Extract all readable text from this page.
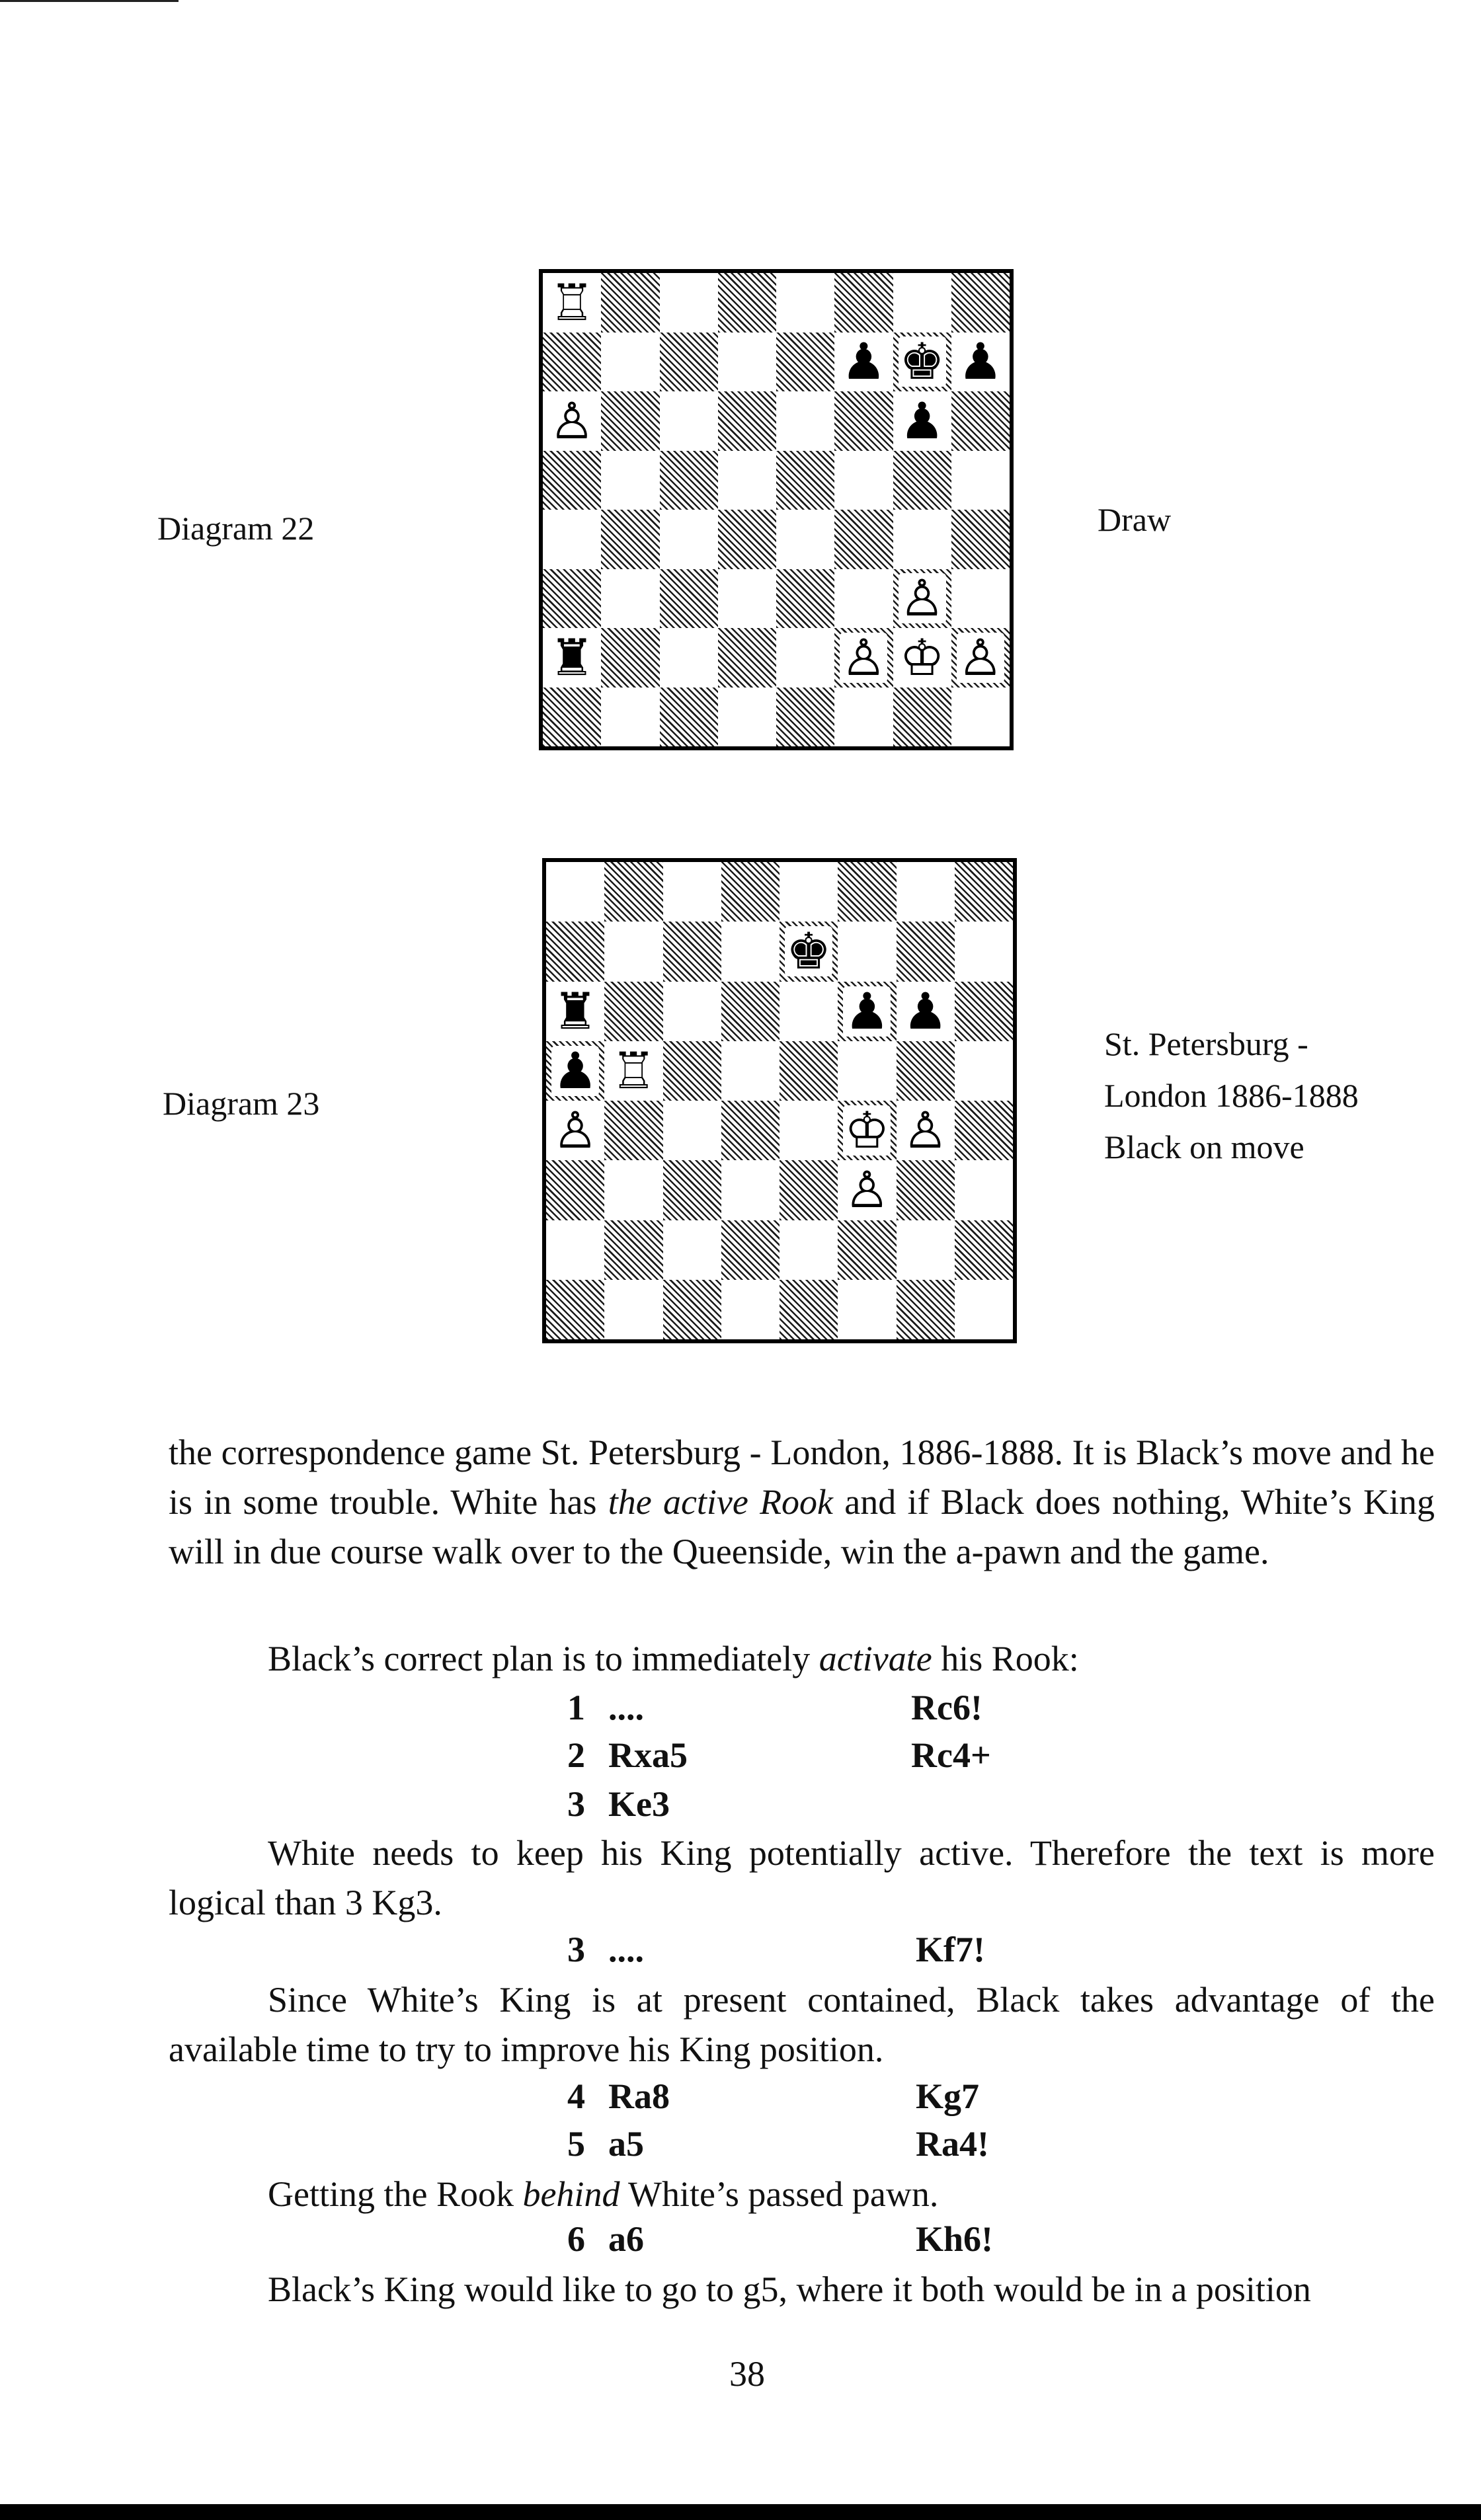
Diagram 22
♖
♟ ♚ ♟
♙	♟
♙
♜	♙ ♔ ♙
Draw
Diagram 23
♚
♜	♟ ♟
♟ ♖
♙	♔ ♙
♙
St. Petersburg -
London 1886-1888
Black on move
the correspondence game St. Petersburg - London, 1886-1888. It is Black’s move and he is in some trouble. White has the active Rook and if Black does nothing, White’s King will in due course walk over to the Queenside, win the a-pawn and the game.
Black’s correct plan is to immediately activate his Rook:
1 ....	Rc6!
2 Rxa5	Rc4+
3 Ke3
White needs to keep his King potentially active. Therefore the text is more logical than 3 Kg3.
3 ....	Kf7!
Since White’s King is at present contained, Black takes advantage of the available time to try to improve his King position.
4 Ra8	Kg7
5 a5	Ra4!
Getting the Rook behind White’s passed pawn.
6 a6	Kh6!
Black’s King would like to go to g5, where it both would be in a position
38
